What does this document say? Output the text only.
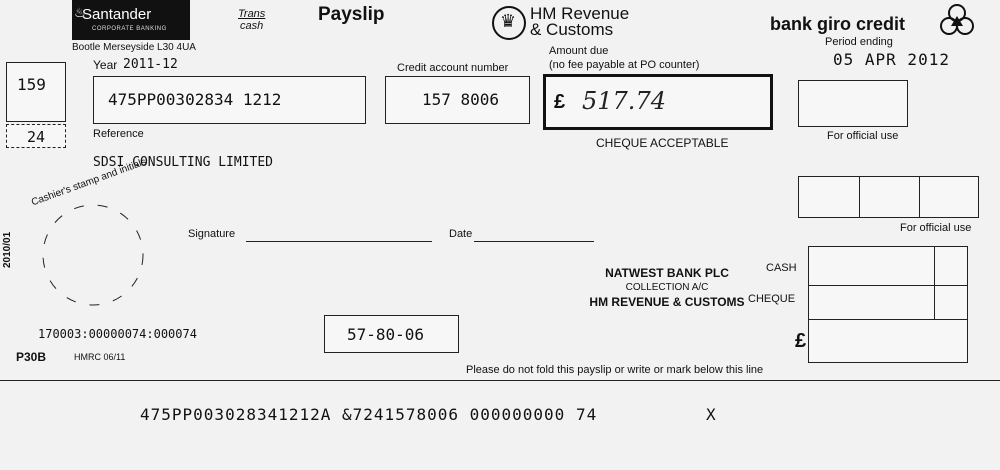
♨
Santander
CORPORATE BANKING
Bootle Merseyside L30 4UA
Trans
cash
Payslip	♛ HM Revenue
& Customs	bank giro credit
Period ending
05 APR 2012
159
24
Year 2011-12
475PP00302834 1212
Reference
Credit account number
157 8006
Amount due
(no fee payable at PO counter)
£ 517.74
CHEQUE ACCEPTABLE	For official use
For official use
SDSI CONSULTING LIMITED
Cashier's stamp and initials
2010/01	Signature	Date
NATWEST BANK PLC
COLLECTION A/C
HM REVENUE & CUSTOMS
CASH
CHEQUE
£
170003:00000074:000074	57-80-06
P30B	HMRC 06/11
Please do not fold this payslip or write or mark below this line
475PP003028341212A &7241578006 000000000 74	X
